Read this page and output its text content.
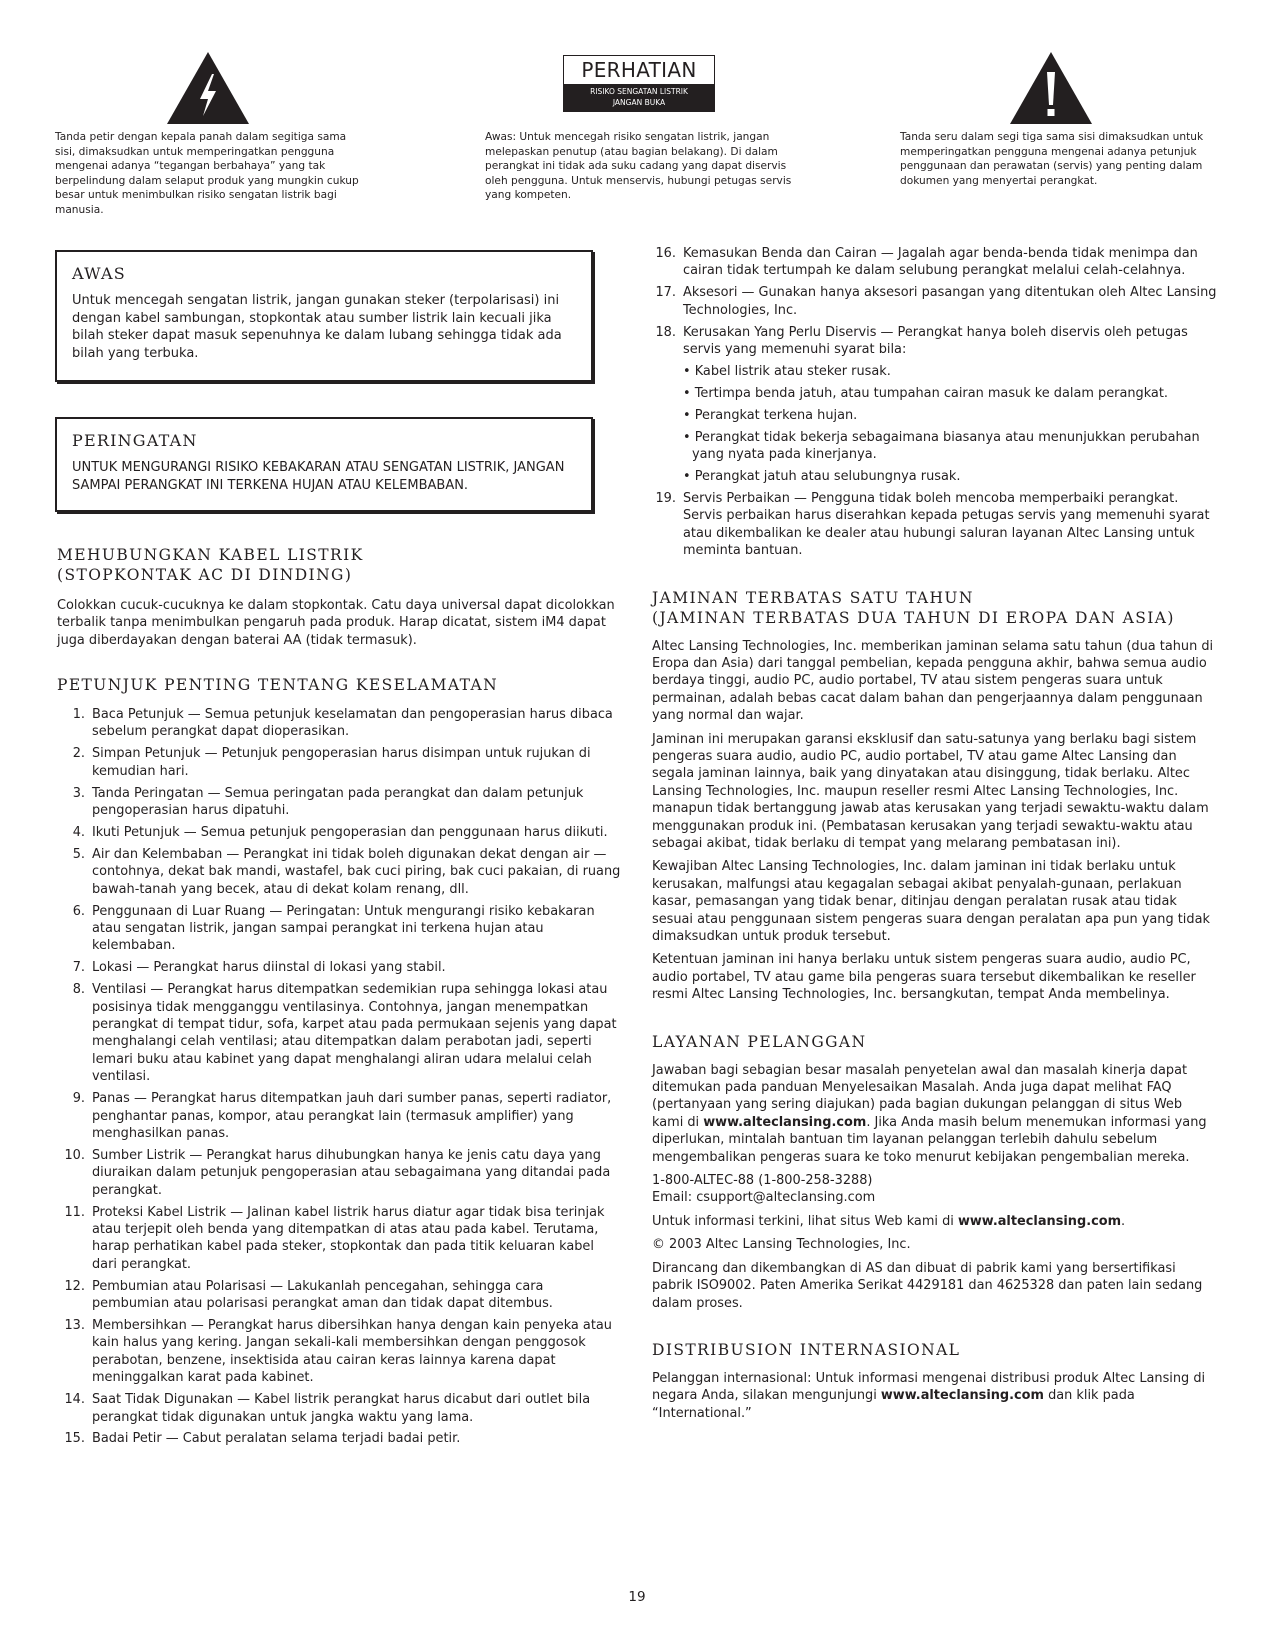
Tanda petir dengan kepala panah dalam segitiga sama sisi, dimaksudkan untuk memperingatkan pengguna mengenai adanya “tegangan berbahaya” yang tak berpelindung dalam selaput produk yang mungkin cukup besar untuk menimbulkan risiko sengatan listrik bagi manusia.
PERHATIAN
RISIKO SENGATAN LISTRIK
JANGAN BUKA
Awas: Untuk mencegah risiko sengatan listrik, jangan melepaskan penutup (atau bagian belakang). Di dalam perangkat ini tidak ada suku cadang yang dapat diservis oleh pengguna. Untuk menservis, hubungi petugas servis yang kompeten.
Tanda seru dalam segi tiga sama sisi dimaksudkan untuk memperingatkan pengguna mengenai adanya petunjuk penggunaan dan perawatan (servis) yang penting dalam dokumen yang menyertai perangkat.
AWAS
Untuk mencegah sengatan listrik, jangan gunakan steker (terpolarisasi) ini dengan kabel sambungan, stopkontak atau sumber listrik lain kecuali jika bilah steker dapat masuk sepenuhnya ke dalam lubang sehingga tidak ada bilah yang terbuka.
PERINGATAN
UNTUK MENGURANGI RISIKO KEBAKARAN ATAU SENGATAN LISTRIK, JANGAN SAMPAI PERANGKAT INI TERKENA HUJAN ATAU KELEMBABAN.
MEHUBUNGKAN KABEL LISTRIK
(STOPKONTAK AC DI DINDING)

Colokkan cucuk-cucuknya ke dalam stopkontak. Catu daya universal dapat dicolokkan terbalik tanpa menimbulkan pengaruh pada produk. Harap dicatat, sistem iM4 dapat juga diberdayakan dengan baterai AA (tidak termasuk).

PETUNJUK PENTING TENTANG KESELAMATAN
1. Baca Petunjuk — Semua petunjuk keselamatan dan pengoperasian harus dibaca sebelum perangkat dapat dioperasikan.
2. Simpan Petunjuk — Petunjuk pengoperasian harus disimpan untuk rujukan di kemudian hari.
3. Tanda Peringatan — Semua peringatan pada perangkat dan dalam petunjuk pengoperasian harus dipatuhi.
4. Ikuti Petunjuk — Semua petunjuk pengoperasian dan penggunaan harus diikuti.
5. Air dan Kelembaban — Perangkat ini tidak boleh digunakan dekat dengan air — contohnya, dekat bak mandi, wastafel, bak cuci piring, bak cuci pakaian, di ruang bawah-tanah yang becek, atau di dekat kolam renang, dll.
6. Penggunaan di Luar Ruang — Peringatan: Untuk mengurangi risiko kebakaran atau sengatan listrik, jangan sampai perangkat ini terkena hujan atau kelembaban.
7. Lokasi — Perangkat harus diinstal di lokasi yang stabil.
8. Ventilasi — Perangkat harus ditempatkan sedemikian rupa sehingga lokasi atau posisinya tidak mengganggu ventilasinya. Contohnya, jangan menempatkan perangkat di tempat tidur, sofa, karpet atau pada permukaan sejenis yang dapat menghalangi celah ventilasi; atau ditempatkan dalam perabotan jadi, seperti lemari buku atau kabinet yang dapat menghalangi aliran udara melalui celah ventilasi.
9. Panas — Perangkat harus ditempatkan jauh dari sumber panas, seperti radiator, penghantar panas, kompor, atau perangkat lain (termasuk amplifier) yang menghasilkan panas.
10. Sumber Listrik — Perangkat harus dihubungkan hanya ke jenis catu daya yang diuraikan dalam petunjuk pengoperasian atau sebagaimana yang ditandai pada perangkat.
11. Proteksi Kabel Listrik — Jalinan kabel listrik harus diatur agar tidak bisa terinjak atau terjepit oleh benda yang ditempatkan di atas atau pada kabel. Terutama, harap perhatikan kabel pada steker, stopkontak dan pada titik keluaran kabel dari perangkat.
12. Pembumian atau Polarisasi — Lakukanlah pencegahan, sehingga cara pembumian atau polarisasi perangkat aman dan tidak dapat ditembus.
13. Membersihkan — Perangkat harus dibersihkan hanya dengan kain penyeka atau kain halus yang kering. Jangan sekali-kali membersihkan dengan penggosok perabotan, benzene, insektisida atau cairan keras lainnya karena dapat meninggalkan karat pada kabinet.
14. Saat Tidak Digunakan — Kabel listrik perangkat harus dicabut dari outlet bila perangkat tidak digunakan untuk jangka waktu yang lama.
15. Badai Petir — Cabut peralatan selama terjadi badai petir.
16. Kemasukan Benda dan Cairan — Jagalah agar benda-benda tidak menimpa dan cairan tidak tertumpah ke dalam selubung perangkat melalui celah-celahnya.
17. Aksesori — Gunakan hanya aksesori pasangan yang ditentukan oleh Altec Lansing Technologies, Inc.
18. Kerusakan Yang Perlu Diservis — Perangkat hanya boleh diservis oleh petugas servis yang memenuhi syarat bila:
• Kabel listrik atau steker rusak.
• Tertimpa benda jatuh, atau tumpahan cairan masuk ke dalam perangkat.
• Perangkat terkena hujan.
• Perangkat tidak bekerja sebagaimana biasanya atau menunjukkan perubahan yang nyata pada kinerjanya.
• Perangkat jatuh atau selubungnya rusak.
19. Servis Perbaikan — Pengguna tidak boleh mencoba memperbaiki perangkat. Servis perbaikan harus diserahkan kepada petugas servis yang memenuhi syarat atau dikembalikan ke dealer atau hubungi saluran layanan Altec Lansing untuk meminta bantuan.
JAMINAN TERBATAS SATU TAHUN
(JAMINAN TERBATAS DUA TAHUN DI EROPA DAN ASIA)

Altec Lansing Technologies, Inc. memberikan jaminan selama satu tahun (dua tahun di Eropa dan Asia) dari tanggal pembelian, kepada pengguna akhir, bahwa semua audio berdaya tinggi, audio PC, audio portabel, TV atau sistem pengeras suara untuk permainan, adalah bebas cacat dalam bahan dan pengerjaannya dalam penggunaan yang normal dan wajar.

Jaminan ini merupakan garansi eksklusif dan satu-satunya yang berlaku bagi sistem pengeras suara audio, audio PC, audio portabel, TV atau game Altec Lansing dan segala jaminan lainnya, baik yang dinyatakan atau disinggung, tidak berlaku. Altec Lansing Technologies, Inc. maupun reseller resmi Altec Lansing Technologies, Inc. manapun tidak bertanggung jawab atas kerusakan yang terjadi sewaktu-waktu dalam menggunakan produk ini. (Pembatasan kerusakan yang terjadi sewaktu-waktu atau sebagai akibat, tidak berlaku di tempat yang melarang pembatasan ini).

Kewajiban Altec Lansing Technologies, Inc. dalam jaminan ini tidak berlaku untuk kerusakan, malfungsi atau kegagalan sebagai akibat penyalah-gunaan, perlakuan kasar, pemasangan yang tidak benar, ditinjau dengan peralatan rusak atau tidak sesuai atau penggunaan sistem pengeras suara dengan peralatan apa pun yang tidak dimaksudkan untuk produk tersebut.

Ketentuan jaminan ini hanya berlaku untuk sistem pengeras suara audio, audio PC, audio portabel, TV atau game bila pengeras suara tersebut dikembalikan ke reseller resmi Altec Lansing Technologies, Inc. bersangkutan, tempat Anda membelinya.

LAYANAN PELANGGAN

Jawaban bagi sebagian besar masalah penyetelan awal dan masalah kinerja dapat ditemukan pada panduan Menyelesaikan Masalah. Anda juga dapat melihat FAQ (pertanyaan yang sering diajukan) pada bagian dukungan pelanggan di situs Web kami di www.alteclansing.com. Jika Anda masih belum menemukan informasi yang diperlukan, mintalah bantuan tim layanan pelanggan terlebih dahulu sebelum mengembalikan pengeras suara ke toko menurut kebijakan pengembalian mereka.

1-800-ALTEC-88 (1-800-258-3288)
Email: csupport@alteclansing.com

Untuk informasi terkini, lihat situs Web kami di www.alteclansing.com.

© 2003 Altec Lansing Technologies, Inc.

Dirancang dan dikembangkan di AS dan dibuat di pabrik kami yang bersertifikasi pabrik ISO9002. Paten Amerika Serikat 4429181 dan 4625328 dan paten lain sedang dalam proses.

DISTRIBUSION INTERNASIONAL

Pelanggan internasional: Untuk informasi mengenai distribusi produk Altec Lansing di negara Anda, silakan mengunjungi www.alteclansing.com dan klik pada “International.”

19
